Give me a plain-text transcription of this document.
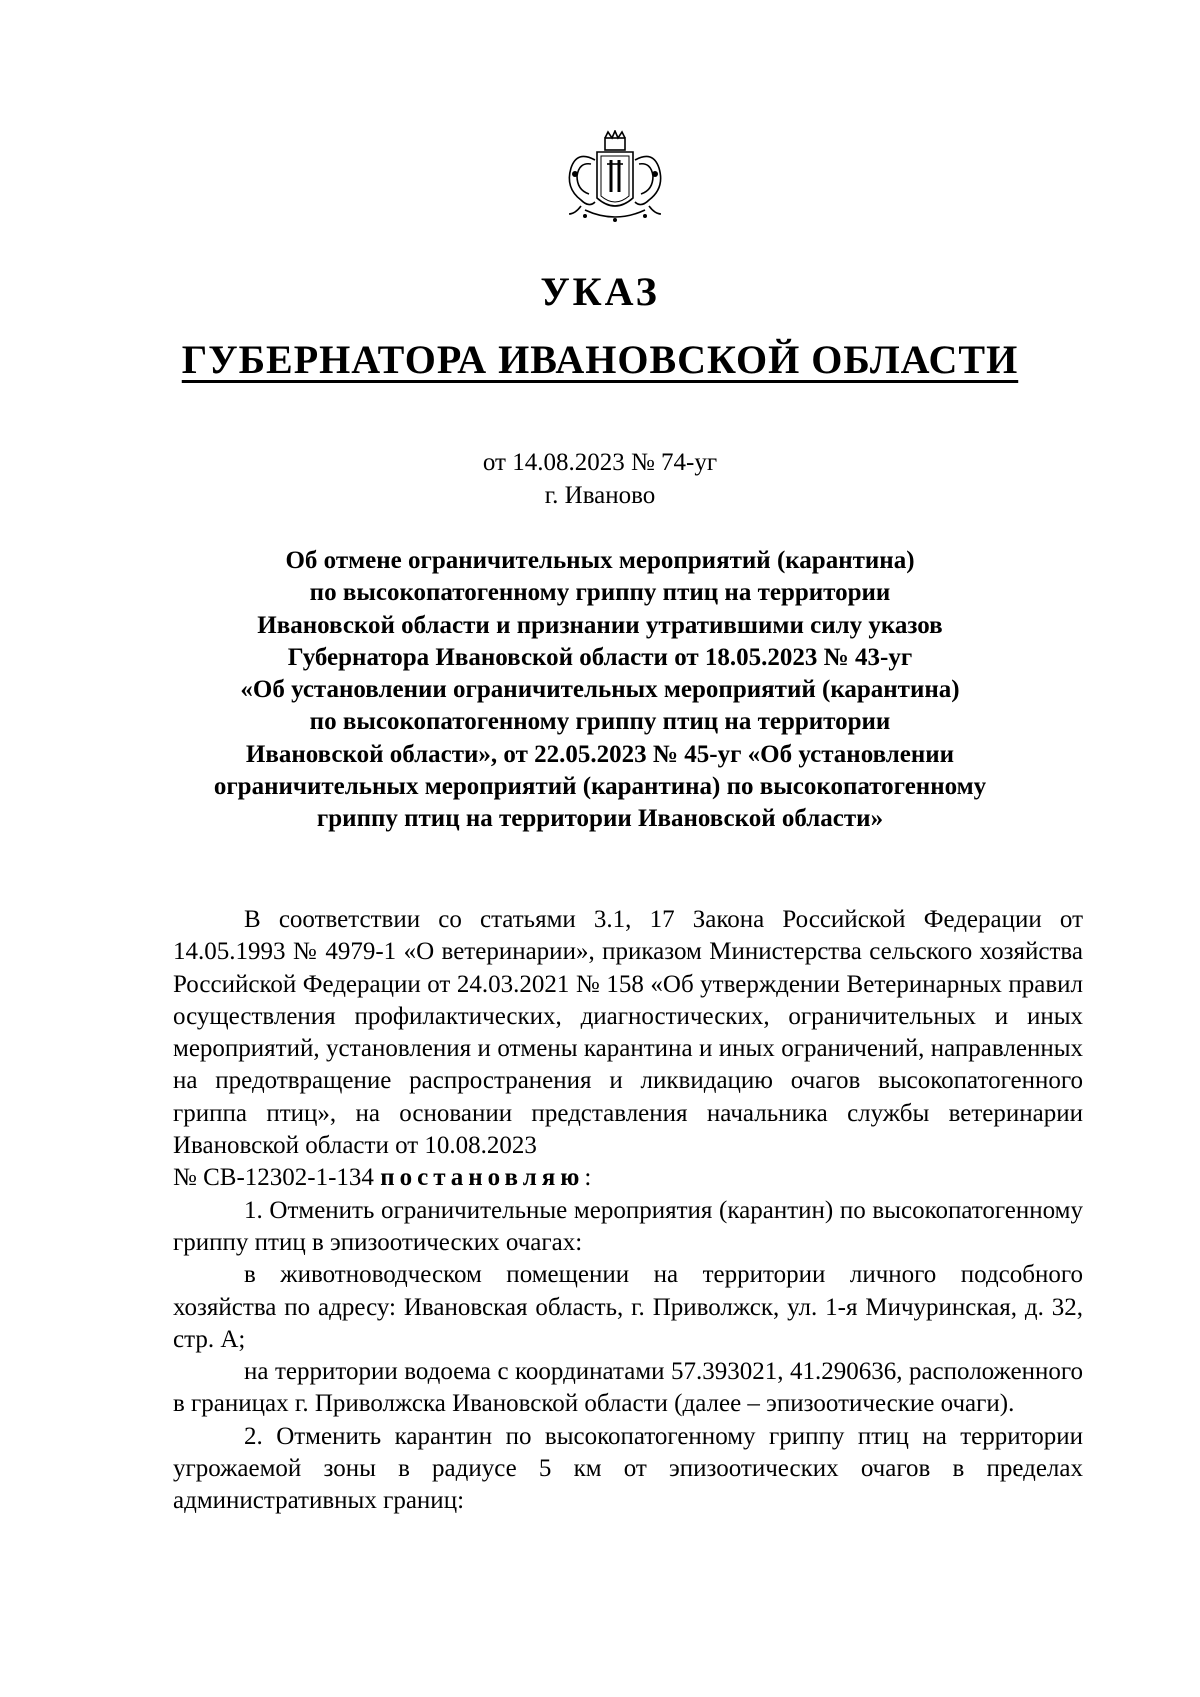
УКАЗ
ГУБЕРНАТОРА ИВАНОВСКОЙ ОБЛАСТИ
от 14.08.2023 № 74-уг
г. Иваново
Об отмене ограничительных мероприятий (карантина)
по высокопатогенному гриппу птиц на территории
Ивановской области и признании утратившими силу указов
Губернатора Ивановской области от 18.05.2023 № 43-уг
«Об установлении ограничительных мероприятий (карантина)
по высокопатогенному гриппу птиц на территории
Ивановской области», от 22.05.2023 № 45-уг «Об установлении
ограничительных мероприятий (карантина) по высокопатогенному
гриппу птиц на территории Ивановской области»

В соответствии со статьями 3.1, 17 Закона Российской Федерации от 14.05.1993 № 4979-1 «О ветеринарии», приказом Министерства сельского хозяйства Российской Федерации от 24.03.2021 № 158 «Об утверждении Ветеринарных правил осуществления профилактических, диагностических, ограничительных и иных мероприятий, установления и отмены карантина и иных ограничений, направленных на предотвращение распространения и ликвидацию очагов высокопатогенного гриппа птиц», на основании представления начальника службы ветеринарии Ивановской области от 10.08.2023

№ СВ-12302-1-134 постановляю:

1. Отменить ограничительные мероприятия (карантин) по высокопатогенному гриппу птиц в эпизоотических очагах:

в животноводческом помещении на территории личного подсобного хозяйства по адресу: Ивановская область, г. Приволжск, ул. 1-я Мичуринская, д. 32, стр. А;

на территории водоема с координатами 57.393021, 41.290636, расположенного в границах г. Приволжска Ивановской области (далее – эпизоотические очаги).

2. Отменить карантин по высокопатогенному гриппу птиц на территории угрожаемой зоны в радиусе 5 км от эпизоотических очагов в пределах административных границ:
